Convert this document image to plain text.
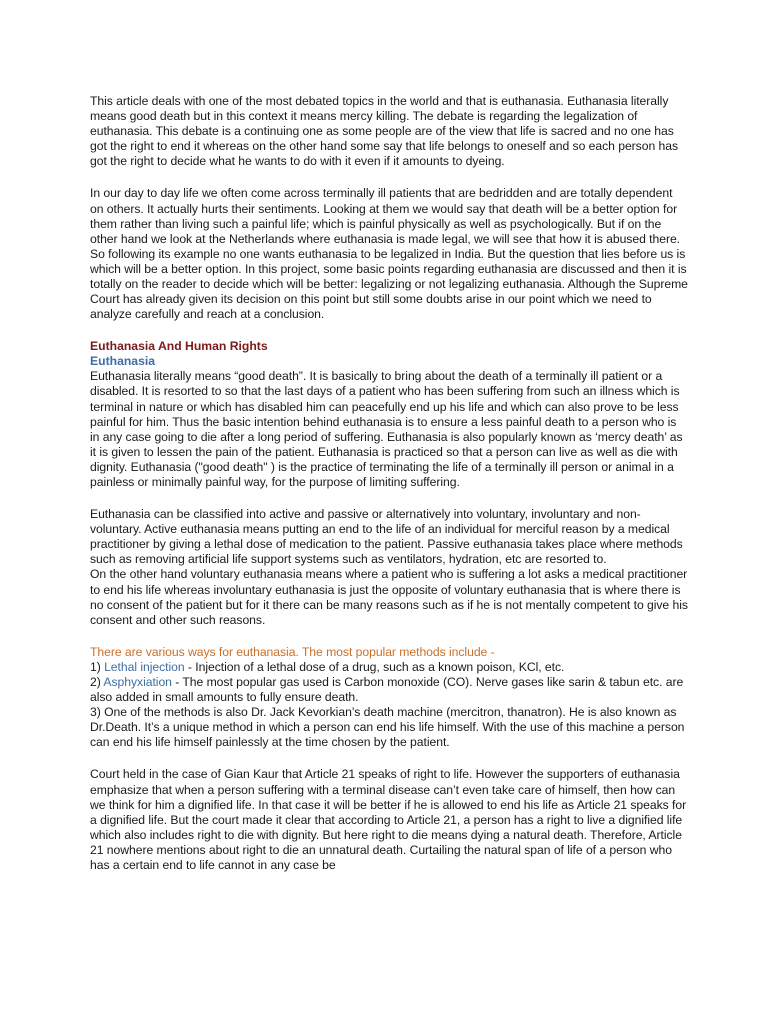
This article deals with one of the most debated topics in the world and that is euthanasia. Euthanasia literally means good death but in this context it means mercy killing. The debate is regarding the legalization of euthanasia. This debate is a continuing one as some people are of the view that life is sacred and no one has got the right to end it whereas on the other hand some say that life belongs to oneself and so each person has got the right to decide what he wants to do with it even if it amounts to dyeing.

In our day to day life we often come across terminally ill patients that are bedridden and are totally dependent on others. It actually hurts their sentiments. Looking at them we would say that death will be a better option for them rather than living such a painful life; which is painful physically as well as psychologically. But if on the other hand we look at the Netherlands where euthanasia is made legal, we will see that how it is abused there. So following its example no one wants euthanasia to be legalized in India. But the question that lies before us is which will be a better option. In this project, some basic points regarding euthanasia are discussed and then it is totally on the reader to decide which will be better: legalizing or not legalizing euthanasia. Although the Supreme Court has already given its decision on this point but still some doubts arise in our point which we need to analyze carefully and reach at a conclusion.

Euthanasia And Human Rights
Euthanasia

Euthanasia literally means “good death”. It is basically to bring about the death of a terminally ill patient or a disabled. It is resorted to so that the last days of a patient who has been suffering from such an illness which is terminal in nature or which has disabled him can peacefully end up his life and which can also prove to be less painful for him. Thus the basic intention behind euthanasia is to ensure a less painful death to a person who is in any case going to die after a long period of suffering. Euthanasia is also popularly known as ‘mercy death’ as it is given to lessen the pain of the patient. Euthanasia is practiced so that a person can live as well as die with dignity. Euthanasia ("good death" ) is the practice of terminating the life of a terminally ill person or animal in a painless or minimally painful way, for the purpose of limiting suffering.

Euthanasia can be classified into active and passive or alternatively into voluntary, involuntary and non-voluntary. Active euthanasia means putting an end to the life of an individual for merciful reason by a medical practitioner by giving a lethal dose of medication to the patient. Passive euthanasia takes place where methods such as removing artificial life support systems such as ventilators, hydration, etc are resorted to.

On the other hand voluntary euthanasia means where a patient who is suffering a lot asks a medical practitioner to end his life whereas involuntary euthanasia is just the opposite of voluntary euthanasia that is where there is no consent of the patient but for it there can be many reasons such as if he is not mentally competent to give his consent and other such reasons.

There are various ways for euthanasia. The most popular methods include -

1) Lethal injection - Injection of a lethal dose of a drug, such as a known poison, KCl, etc.

2) Asphyxiation - The most popular gas used is Carbon monoxide (CO). Nerve gases like sarin & tabun etc. are also added in small amounts to fully ensure death.

3) One of the methods is also Dr. Jack Kevorkian’s death machine (mercitron, thanatron). He is also known as Dr.Death. It’s a unique method in which a person can end his life himself. With the use of this machine a person can end his life himself painlessly at the time chosen by the patient.

Court held in the case of Gian Kaur that Article 21 speaks of right to life. However the supporters of euthanasia emphasize that when a person suffering with a terminal disease can’t even take care of himself, then how can we think for him a dignified life. In that case it will be better if he is allowed to end his life as Article 21 speaks for a dignified life. But the court made it clear that according to Article 21, a person has a right to live a dignified life which also includes right to die with dignity. But here right to die means dying a natural death. Therefore, Article 21 nowhere mentions about right to die an unnatural death. Curtailing the natural span of life of a person who has a certain end to life cannot in any case be
